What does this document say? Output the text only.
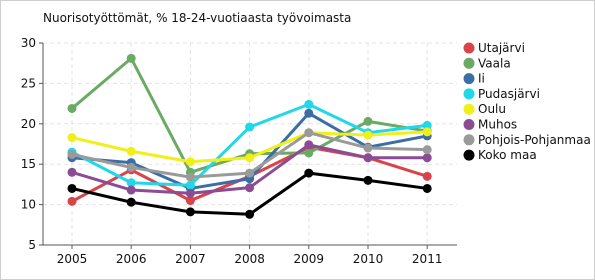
Nuorisotyöttömät, % 18-24-vuotiaasta työvoimasta
5
10
15
20
25
30
2005 2006 2007 2008 2009 2010 2011
Utajärvi
Vaala
Ii
Pudasjärvi
Oulu
Muhos
Pohjois-Pohjanmaa
Koko maa
